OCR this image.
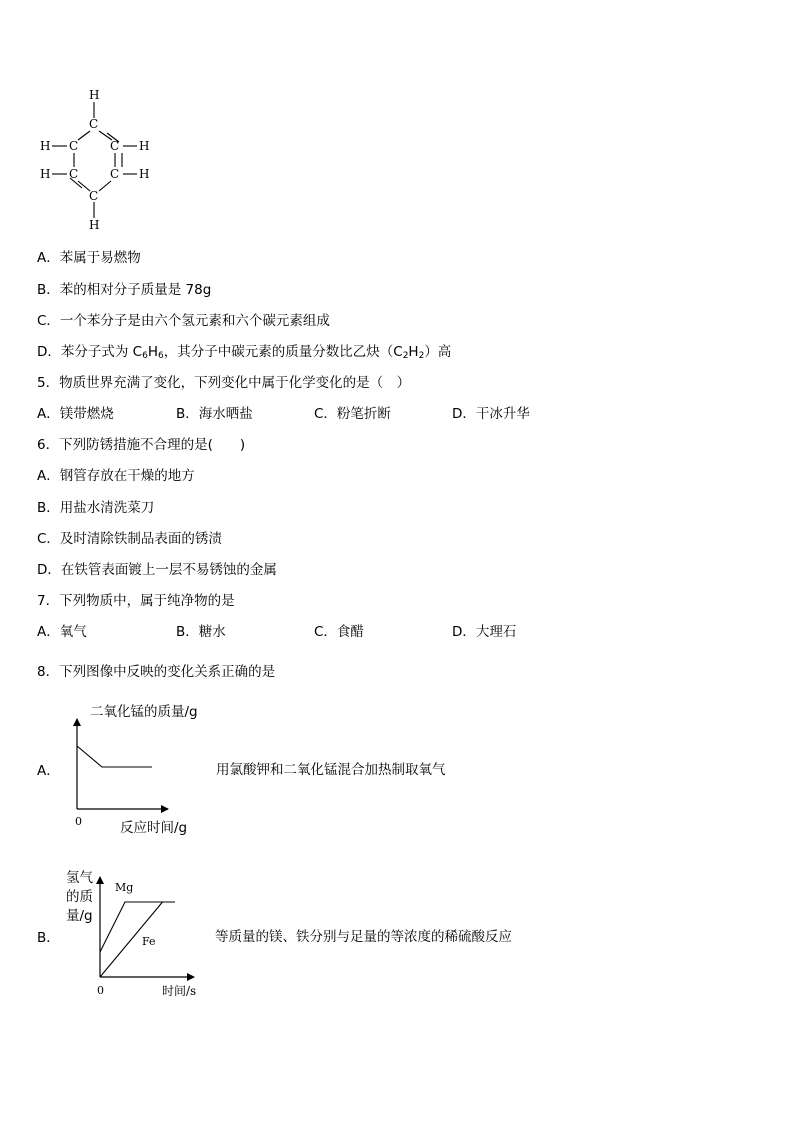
H
C
H C	C H
H C	C H
C
H
A．苯属于易燃物
B．苯的相对分子质量是 78g
C．一个苯分子是由六个氢元素和六个碳元素组成
D．苯分子式为 $C_6H_6$，其分子中碳元素的质量分数比乙炔$(C_2H_2)$高
5．物质世界充满了变化，下列变化中属于化学变化的是（　）
A．镁带燃烧	B．海水晒盐	C．粉笔折断	D．干冰升华
6．下列防锈措施不合理的是(　　)
A．钢管存放在干燥的地方
B．用盐水清洗菜刀
C．及时清除铁制品表面的锈渍
D．在铁管表面镀上一层不易锈蚀的金属
7．下列物质中，属于纯净物的是
A．氧气	B．糖水	C．食醋	D．大理石
8．下列图像中反映的变化关系正确的是
A．
二氧化锰的质量/g
0	反应时间/g
用氯酸钾和二氧化锰混合加热制取氧气
B．
氢气
的质
量/g
Mg
Fe
0	时间/s
等质量的镁、铁分别与足量的等浓度的稀硫酸反应
